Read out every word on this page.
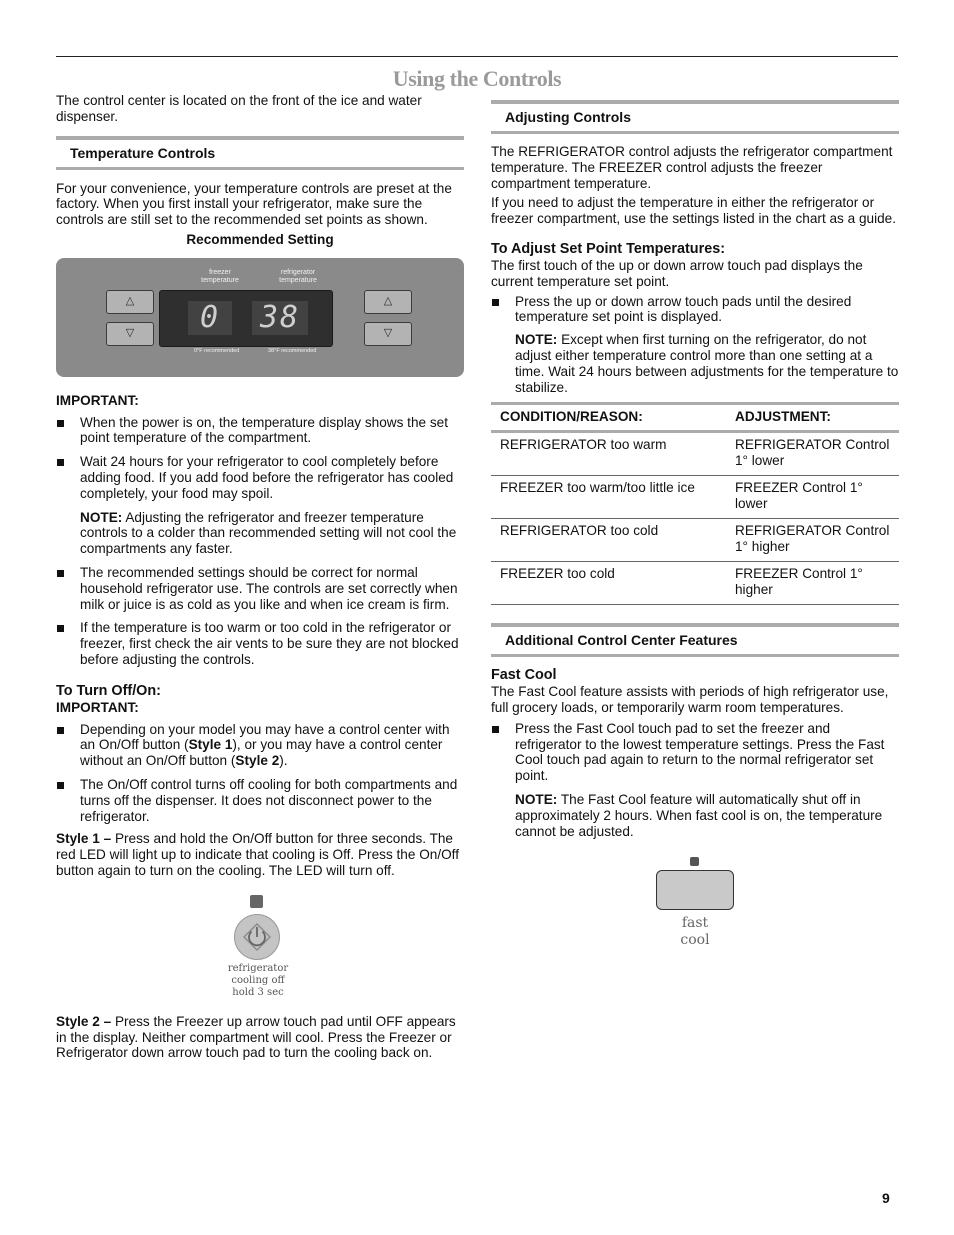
Using the Controls

The control center is located on the front of the ice and water dispenser.

Temperature Controls

For your convenience, your temperature controls are preset at the factory. When you first install your refrigerator, make sure the controls are still set to the recommended set points as shown.

Recommended Setting

freezer temperature
refrigerator temperature
△
▽
△
▽
0	38
0°F recommended	38°F recommended

IMPORTANT:

When the power is on, the temperature display shows the set point temperature of the compartment.
Wait 24 hours for your refrigerator to cool completely before adding food. If you add food before the refrigerator has cooled completely, your food may spoil.

NOTE: Adjusting the refrigerator and freezer temperature controls to a colder than recommended setting will not cool the compartments any faster.

The recommended settings should be correct for normal household refrigerator use. The controls are set correctly when milk or juice is as cold as you like and when ice cream is firm.
If the temperature is too warm or too cold in the refrigerator or freezer, first check the air vents to be sure they are not blocked before adjusting the controls.

To Turn Off/On:

IMPORTANT:

Depending on your model you may have a control center with an On/Off button (Style 1), or you may have a control center without an On/Off button (Style 2).
The On/Off control turns off cooling for both compartments and turns off the dispenser. It does not disconnect power to the refrigerator.

Style 1 – Press and hold the On/Off button for three seconds. The red LED will light up to indicate that cooling is Off. Press the On/Off button again to turn on the cooling. The LED will turn off.

refrigerator
cooling off
hold 3 sec

Style 2 – Press the Freezer up arrow touch pad until OFF appears in the display. Neither compartment will cool. Press the Freezer or Refrigerator down arrow touch pad to turn the cooling back on.

Adjusting Controls

The REFRIGERATOR control adjusts the refrigerator compartment temperature. The FREEZER control adjusts the freezer compartment temperature.

If you need to adjust the temperature in either the refrigerator or freezer compartment, use the settings listed in the chart as a guide.

To Adjust Set Point Temperatures:

The first touch of the up or down arrow touch pad displays the current temperature set point.

Press the up or down arrow touch pads until the desired temperature set point is displayed.

NOTE: Except when first turning on the refrigerator, do not adjust either temperature control more than one setting at a time. Wait 24 hours between adjustments for the temperature to stabilize.

CONDITION/REASON:	ADJUSTMENT:
REFRIGERATOR too warm	REFRIGERATOR Control 1° lower
FREEZER too warm/too little ice	FREEZER Control 1° lower
REFRIGERATOR too cold	REFRIGERATOR Control 1° higher
FREEZER too cold	FREEZER Control 1° higher
Additional Control Center Features

Fast Cool

The Fast Cool feature assists with periods of high refrigerator use, full grocery loads, or temporarily warm room temperatures.

Press the Fast Cool touch pad to set the freezer and refrigerator to the lowest temperature settings. Press the Fast Cool touch pad again to return to the normal refrigerator set point.

NOTE: The Fast Cool feature will automatically shut off in approximately 2 hours. When fast cool is on, the temperature cannot be adjusted.

fast
cool
9
